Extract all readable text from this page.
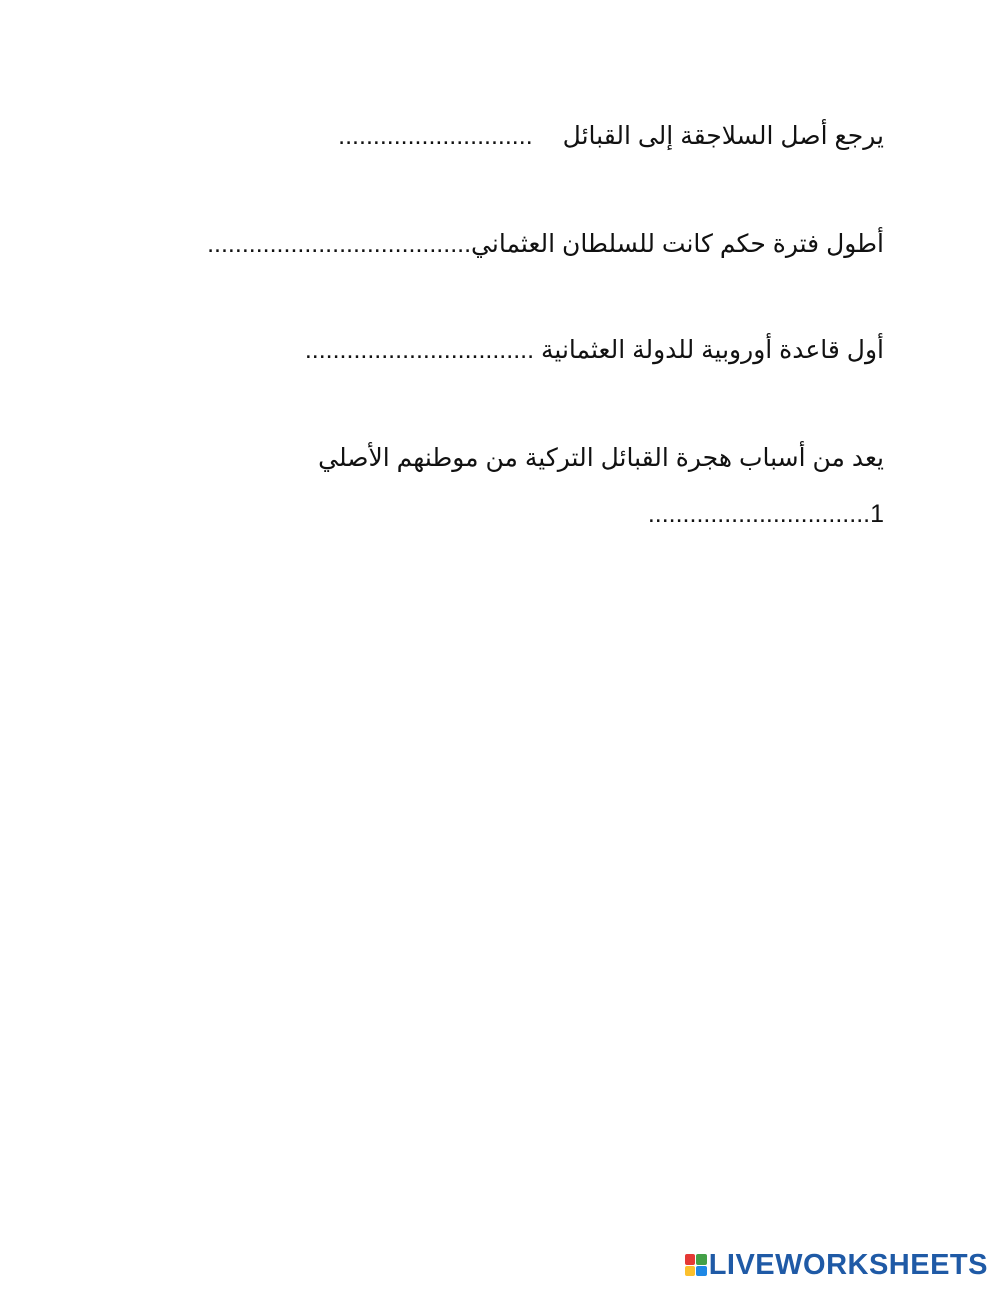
يرجع أصل السلاجقة إلى القبائل............................
أطول فترة حكم كانت للسلطان العثماني......................................
أول قاعدة أوروبية للدولة العثمانية .................................
يعد من أسباب هجرة القبائل التركية من موطنهم الأصلي
1................................
LIVEWORKSHEETS
